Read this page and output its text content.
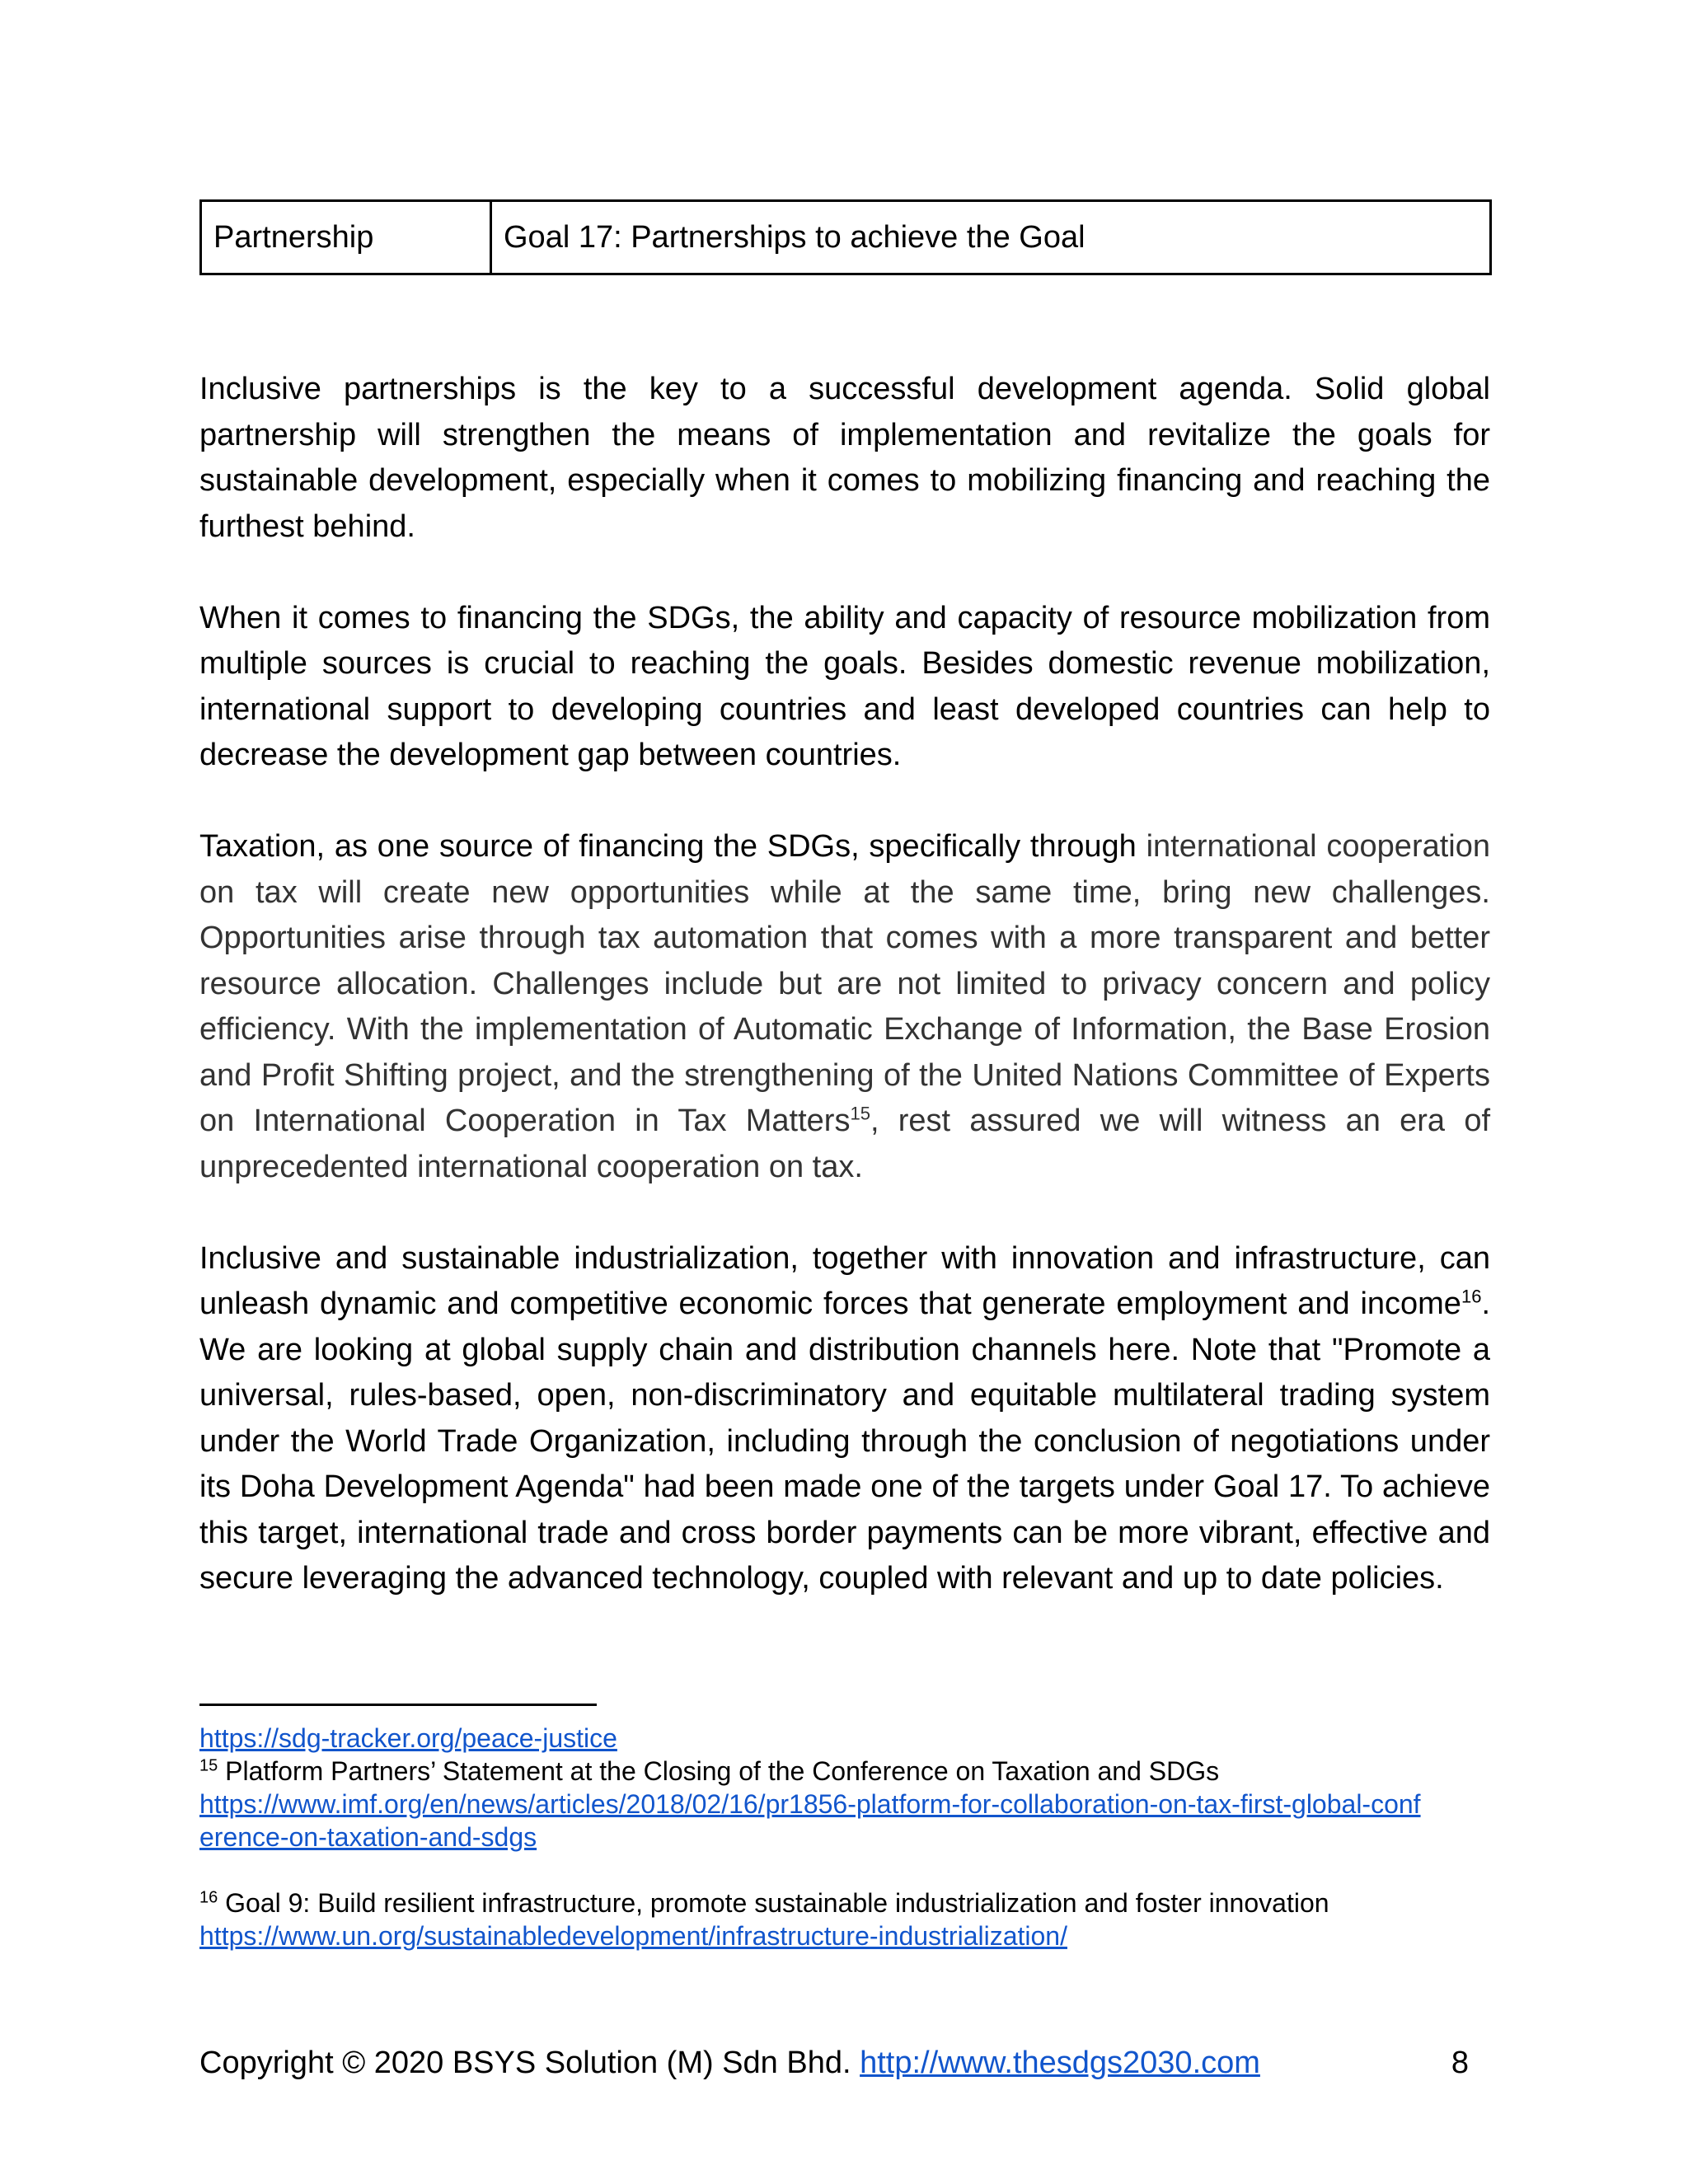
Partnership	Goal 17: Partnerships to achieve the Goal

Inclusive partnerships is the key to a successful development agenda. Solid global partnership will strengthen the means of implementation and revitalize the goals for sustainable development, especially when it comes to mobilizing financing and reaching the furthest behind.

When it comes to financing the SDGs, the ability and capacity of resource mobilization from multiple sources is crucial to reaching the goals. Besides domestic revenue mobilization, international support to developing countries and least developed countries can help to decrease the development gap between countries.

Taxation, as one source of financing the SDGs, specifically through international cooperation on tax will create new opportunities while at the same time, bring new challenges. Opportunities arise through tax automation that comes with a more transparent and better resource allocation. Challenges include but are not limited to privacy concern and policy efficiency. With the implementation of Automatic Exchange of Information, the Base Erosion and Profit Shifting project, and the strengthening of the United Nations Committee of Experts on International Cooperation in Tax Matters$^{15}$, rest assured we will witness an era of unprecedented international cooperation on tax.

Inclusive and sustainable industrialization, together with innovation and infrastructure, can unleash dynamic and competitive economic forces that generate employment and income$^{16}$. We are looking at global supply chain and distribution channels here. Note that "Promote a universal, rules-based, open, non-discriminatory and equitable multilateral trading system under the World Trade Organization, including through the conclusion of negotiations under its Doha Development Agenda" had been made one of the targets under Goal 17. To achieve this target, international trade and cross border payments can be more vibrant, effective and secure leveraging the advanced technology, coupled with relevant and up to date policies.

https://sdg-tracker.org/peace-justice

$^{15}$ Platform Partners’ Statement at the Closing of the Conference on Taxation and SDGs

https://www.imf.org/en/news/articles/2018/02/16/pr1856-platform-for-collaboration-on-tax-first-global-conf

erence-on-taxation-and-sdgs

$^{16}$ Goal 9: Build resilient infrastructure, promote sustainable industrialization and foster innovation

https://www.un.org/sustainabledevelopment/infrastructure-industrialization/

Copyright © 2020 BSYS Solution (M) Sdn Bhd. http://www.thesdgs2030.com	8
